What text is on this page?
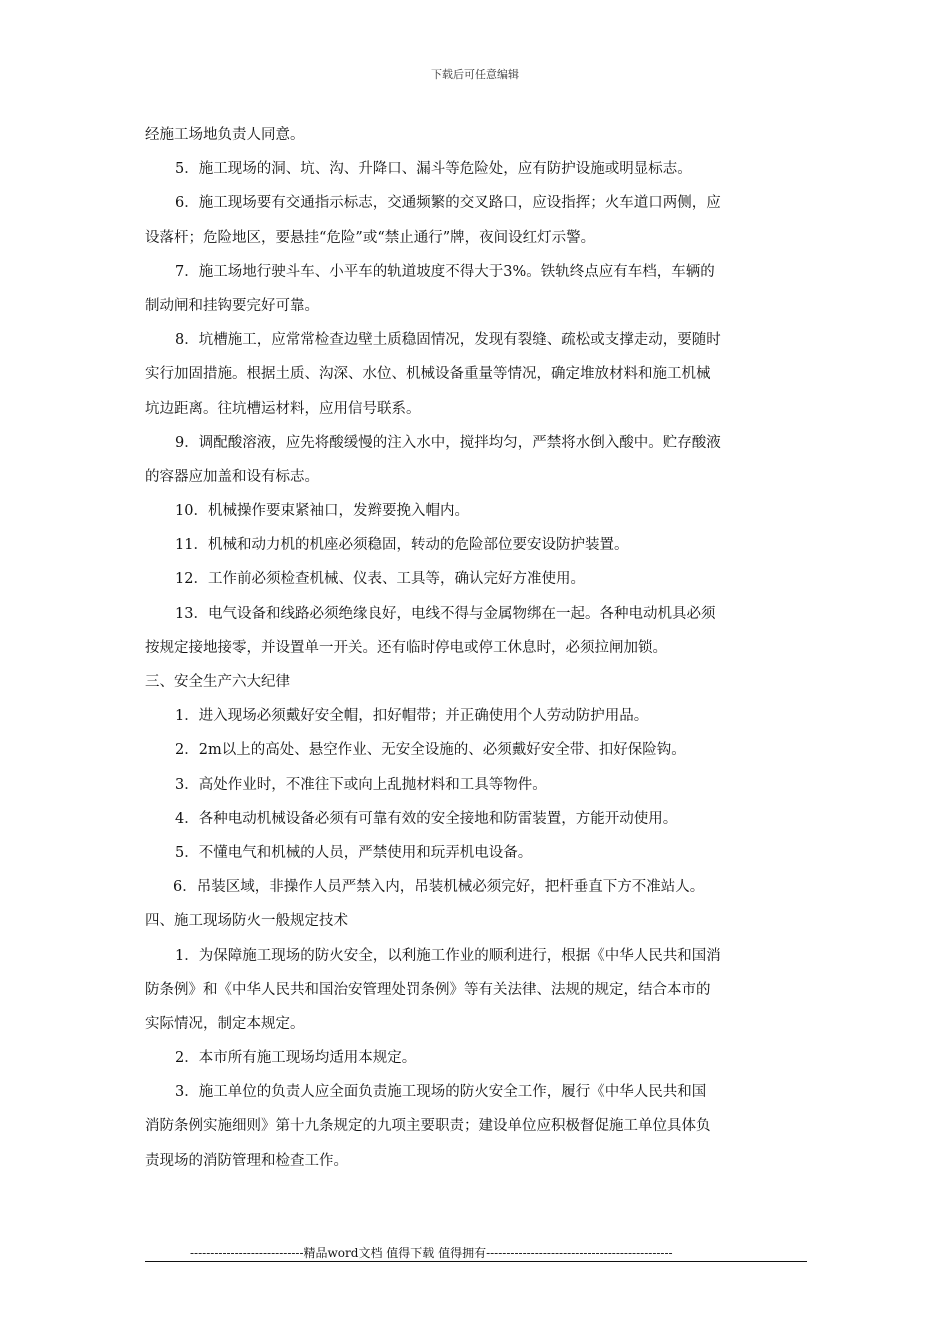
下载后可任意编辑
经施工场地负责人同意。
5．施工现场的洞、坑、沟、升降口、漏斗等危险处，应有防护设施或明显标志。
6．施工现场要有交通指示标志，交通频繁的交叉路口，应设指挥；火车道口两侧，应
设落杆；危险地区，要悬挂“危险”或“禁止通行”牌，夜间设红灯示警。
7．施工场地行驶斗车、小平车的轨道坡度不得大于3%。铁轨终点应有车档，车辆的
制动闸和挂钩要完好可靠。
8．坑槽施工，应常常检查边壁土质稳固情况，发现有裂缝、疏松或支撑走动，要随时
实行加固措施。根据土质、沟深、水位、机械设备重量等情况，确定堆放材料和施工机械
坑边距离。往坑槽运材料，应用信号联系。
9．调配酸溶液，应先将酸缓慢的注入水中，搅拌均匀，严禁将水倒入酸中。贮存酸液
的容器应加盖和设有标志。
10．机械操作要束紧袖口，发辫要挽入帽内。
11．机械和动力机的机座必须稳固，转动的危险部位要安设防护装置。
12．工作前必须检查机械、仪表、工具等，确认完好方准使用。
13．电气设备和线路必须绝缘良好，电线不得与金属物绑在一起。各种电动机具必须
按规定接地接零，并设置单一开关。还有临时停电或停工休息时，必须拉闸加锁。
三、安全生产六大纪律
1．进入现场必须戴好安全帽，扣好帽带；并正确使用个人劳动防护用品。
2．2m以上的高处、悬空作业、无安全设施的、必须戴好安全带、扣好保险钩。
3．高处作业时，不准往下或向上乱抛材料和工具等物件。
4．各种电动机械设备必须有可靠有效的安全接地和防雷装置，方能开动使用。
5．不懂电气和机械的人员，严禁使用和玩弄机电设备。
6．吊装区域，非操作人员严禁入内，吊装机械必须完好，把杆垂直下方不准站人。
四、施工现场防火一般规定技术
1．为保障施工现场的防火安全，以利施工作业的顺利进行，根据《中华人民共和国消
防条例》和《中华人民共和国治安管理处罚条例》等有关法律、法规的规定，结合本市的
实际情况，制定本规定。
2．本市所有施工现场均适用本规定。
3．施工单位的负责人应全面负责施工现场的防火安全工作，履行《中华人民共和国
消防条例实施细则》第十九条规定的九项主要职责；建设单位应积极督促施工单位具体负
责现场的消防管理和检查工作。
----------------------------精品word文档 值得下载 值得拥有----------------------------------------------
